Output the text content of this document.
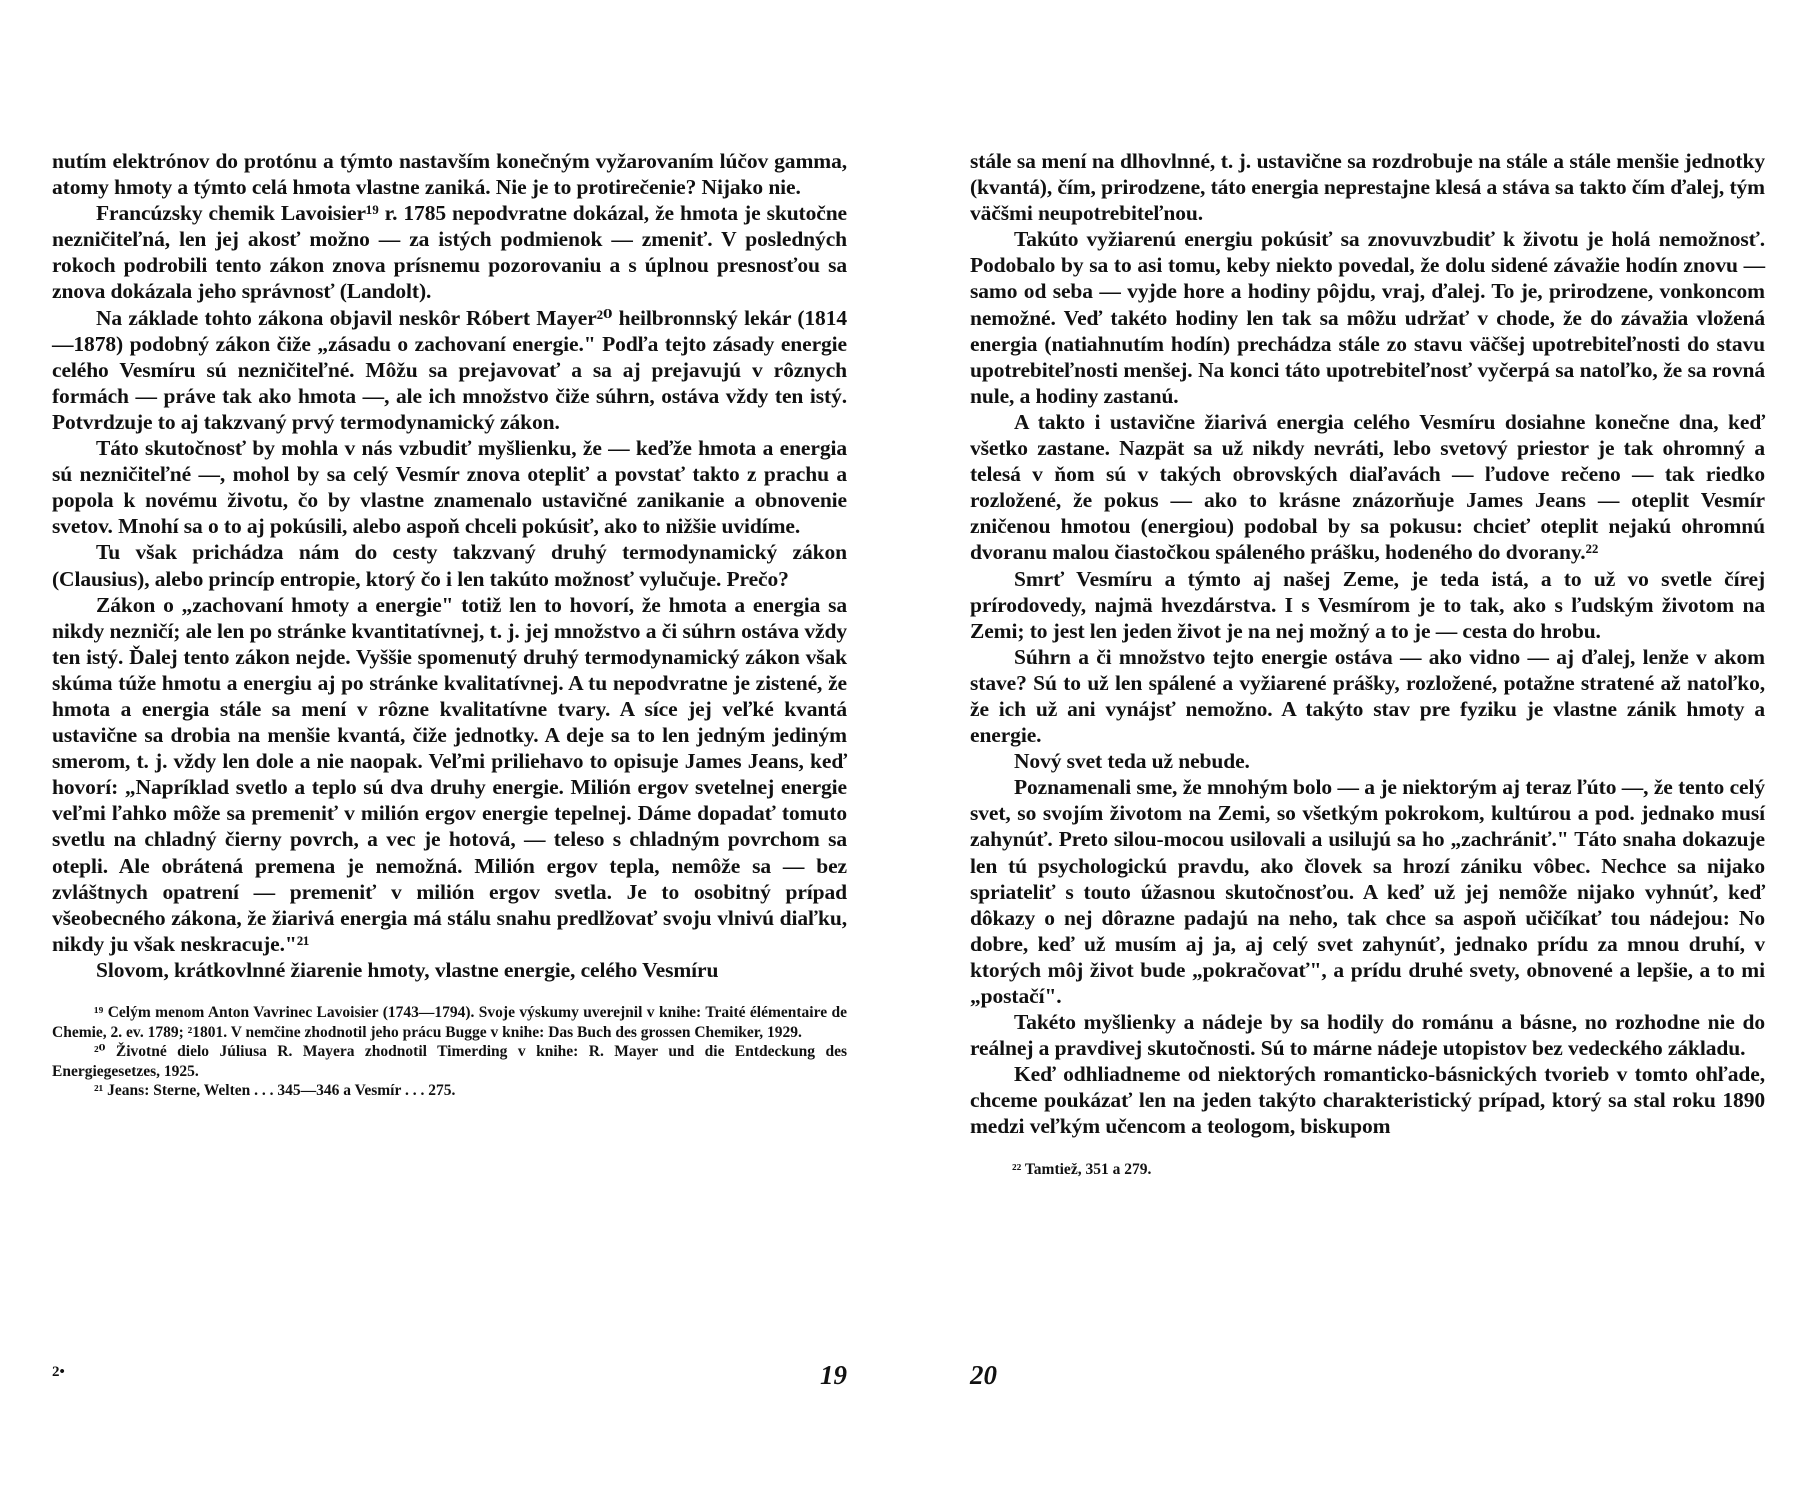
nutím elektrónov do protónu a týmto nastavším konečným vyžarovaním lúčov gamma, atomy hmoty a týmto celá hmota vlastne zaniká. Nie je to protirečenie? Nijako nie.

Francúzsky chemik Lavoisier¹⁹ r. 1785 nepodvratne dokázal, že hmota je skutočne nezničiteľná, len jej akosť možno — za istých podmienok — zmeniť. V posledných rokoch podrobili tento zákon znova prísnemu pozorovaniu a s úplnou presnosťou sa znova dokázala jeho správnosť (Landolt).

Na základe tohto zákona objavil neskôr Róbert Mayer²⁰ heilbronnský lekár (1814—1878) podobný zákon čiže „zásadu o zachovaní energie." Podľa tejto zásady energie celého Vesmíru sú nezničiteľné. Môžu sa prejavovať a sa aj prejavujú v rôznych formách — práve tak ako hmota —, ale ich množstvo čiže súhrn, ostáva vždy ten istý. Potvrdzuje to aj takzvaný prvý termodynamický zákon.

Táto skutočnosť by mohla v nás vzbudiť myšlienku, že — keďže hmota a energia sú nezničiteľné —, mohol by sa celý Vesmír znova otepliť a povstať takto z prachu a popola k novému životu, čo by vlastne znamenalo ustavičné zanikanie a obnovenie svetov. Mnohí sa o to aj pokúsili, alebo aspoň chceli pokúsiť, ako to nižšie uvidíme.

Tu však prichádza nám do cesty takzvaný druhý termodynamický zákon (Clausius), alebo princíp entropie, ktorý čo i len takúto možnosť vylučuje. Prečo?

Zákon o „zachovaní hmoty a energie" totiž len to hovorí, že hmota a energia sa nikdy nezničí; ale len po stránke kvantitatívnej, t. j. jej množstvo a či súhrn ostáva vždy ten istý. Ďalej tento zákon nejde. Vyššie spomenutý druhý termodynamický zákon však skúma túže hmotu a energiu aj po stránke kvalitatívnej. A tu nepodvratne je zistené, že hmota a energia stále sa mení v rôzne kvalitatívne tvary. A síce jej veľké kvantá ustavične sa drobia na menšie kvantá, čiže jednotky. A deje sa to len jedným jediným smerom, t. j. vždy len dole a nie naopak. Veľmi priliehavo to opisuje James Jeans, keď hovorí: „Napríklad svetlo a teplo sú dva druhy energie. Milión ergov svetelnej energie veľmi ľahko môže sa premeniť v milión ergov energie tepelnej. Dáme dopadať tomuto svetlu na chladný čierny povrch, a vec je hotová, — teleso s chladným povrchom sa otepli. Ale obrátená premena je nemožná. Milión ergov tepla, nemôže sa — bez zvláštnych opatrení — premeniť v milión ergov svetla. Je to osobitný prípad všeobecného zákona, že žiarivá energia má stálu snahu predlžovať svoju vlnivú diaľku, nikdy ju však neskracuje."²¹

Slovom, krátkovlnné žiarenie hmoty, vlastne energie, celého Vesmíru

¹⁹ Celým menom Anton Vavrinec Lavoisier (1743—1794). Svoje výskumy uverejnil v knihe: Traité élémentaire de Chemie, 2. ev. 1789; ²1801. V nemčine zhodnotil jeho prácu Bugge v knihe: Das Buch des grossen Chemiker, 1929.

²⁰ Životné dielo Júliusa R. Mayera zhodnotil Timerding v knihe: R. Mayer und die Entdeckung des Energiegesetzes, 1925.

²¹ Jeans: Sterne, Welten . . . 345—346 a Vesmír . . . 275.

stále sa mení na dlhovlnné, t. j. ustavične sa rozdrobuje na stále a stále menšie jednotky (kvantá), čím, prirodzene, táto energia neprestajne klesá a stáva sa takto čím ďalej, tým väčšmi neupotrebiteľnou.

Takúto vyžiarenú energiu pokúsiť sa znovuvzbudiť k životu je holá nemožnosť. Podobalo by sa to asi tomu, keby niekto povedal, že dolu sidené závažie hodín znovu — samo od seba — vyjde hore a hodiny pôjdu, vraj, ďalej. To je, prirodzene, vonkoncom nemožné. Veď takéto hodiny len tak sa môžu udržať v chode, že do závažia vložená energia (natiahnutím hodín) prechádza stále zo stavu väčšej upotrebiteľnosti do stavu upotrebiteľnosti menšej. Na konci táto upotrebiteľnosť vyčerpá sa natoľko, že sa rovná nule, a hodiny zastanú.

A takto i ustavične žiarivá energia celého Vesmíru dosiahne konečne dna, keď všetko zastane. Nazpät sa už nikdy nevráti, lebo svetový priestor je tak ohromný a telesá v ňom sú v takých obrovských diaľavách — ľudove rečeno — tak riedko rozložené, že pokus — ako to krásne znázorňuje James Jeans — oteplit Vesmír zničenou hmotou (energiou) podobal by sa pokusu: chcieť oteplit nejakú ohromnú dvoranu malou čiastočkou spáleného prášku, hodeného do dvorany.²²

Smrť Vesmíru a týmto aj našej Zeme, je teda istá, a to už vo svetle čírej prírodovedy, najmä hvezdárstva. I s Vesmírom je to tak, ako s ľudským životom na Zemi; to jest len jeden život je na nej možný a to je — cesta do hrobu.

Súhrn a či množstvo tejto energie ostáva — ako vidno — aj ďalej, lenže v akom stave? Sú to už len spálené a vyžiarené prášky, rozložené, potažne stratené až natoľko, že ich už ani vynájsť nemožno. A takýto stav pre fyziku je vlastne zánik hmoty a energie.

Nový svet teda už nebude.

Poznamenali sme, že mnohým bolo — a je niektorým aj teraz ľúto —, že tento celý svet, so svojím životom na Zemi, so všetkým pokrokom, kultúrou a pod. jednako musí zahynúť. Preto silou-mocou usilovali a usilujú sa ho „zachrániť." Táto snaha dokazuje len tú psychologickú pravdu, ako človek sa hrozí zániku vôbec. Nechce sa nijako spriateliť s touto úžasnou skutočnosťou. A keď už jej nemôže nijako vyhnúť, keď dôkazy o nej dôrazne padajú na neho, tak chce sa aspoň učičíkať tou nádejou: No dobre, keď už musím aj ja, aj celý svet zahynúť, jednako prídu za mnou druhí, v ktorých môj život bude „pokračovať", a prídu druhé svety, obnovené a lepšie, a to mi „postačí".

Takéto myšlienky a nádeje by sa hodily do románu a básne, no rozhodne nie do reálnej a pravdivej skutočnosti. Sú to márne nádeje utopistov bez vedeckého základu.

Keď odhliadneme od niektorých romanticko-básnických tvorieb v tomto ohľade, chceme poukázať len na jeden takýto charakteristický prípad, ktorý sa stal roku 1890 medzi veľkým učencom a teologom, biskupom

²² Tamtiež, 351 a 279.

2•	19	20
